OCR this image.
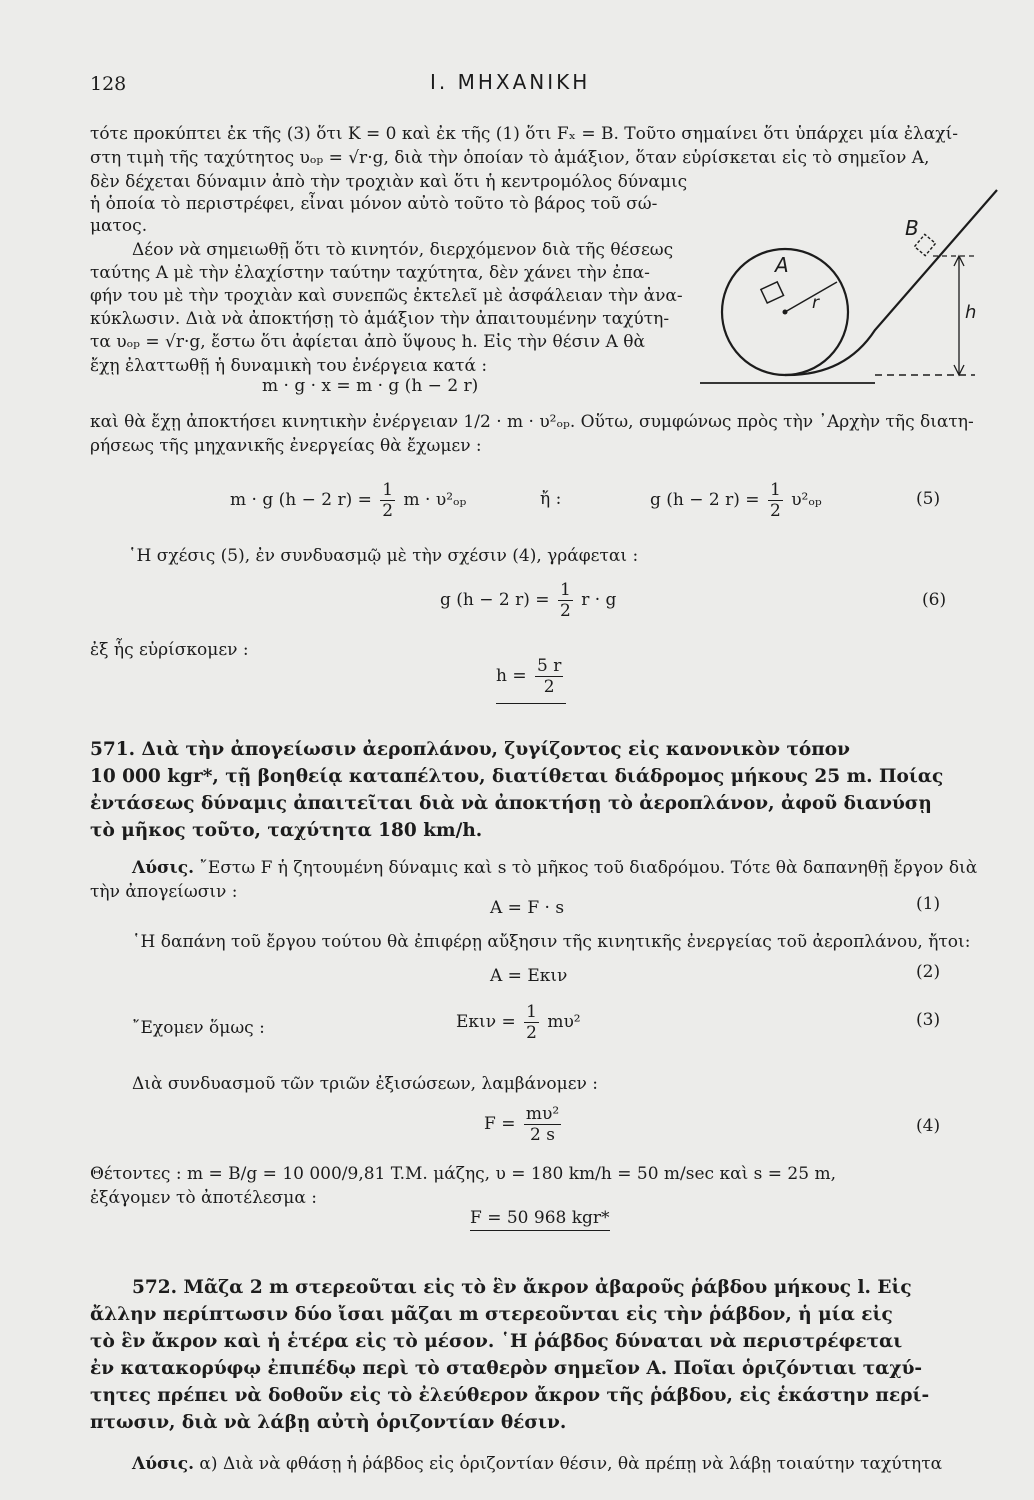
128	I. ΜΗΧΑΝΙΚΗ
τότε προκύπτει ἐκ τῆς (3) ὅτι K = 0 καὶ ἐκ τῆς (1) ὅτι Fₓ = B. Τοῦτο σημαίνει ὅτι ὑπάρχει μία ἐλαχί-
στη τιμὴ τῆς ταχύτητος υₒₚ = √r·g, διὰ τὴν ὁποίαν τὸ ἁμάξιον, ὅταν εὑρίσκεται εἰς τὸ σημεῖον A,
δὲν δέχεται δύναμιν ἀπὸ τὴν τροχιὰν καὶ ὅτι ἡ κεντρομόλος δύναμις
ἡ ὁποία τὸ περιστρέφει, εἶναι μόνον αὐτὸ τοῦτο τὸ βάρος τοῦ σώ-
ματος.
Δέον νὰ σημειωθῇ ὅτι τὸ κινητόν, διερχόμενον διὰ τῆς θέσεως
ταύτης A μὲ τὴν ἐλαχίστην ταύτην ταχύτητα, δὲν χάνει τὴν ἐπα-
φήν του μὲ τὴν τροχιὰν καὶ συνεπῶς ἐκτελεῖ μὲ ἀσφάλειαν τὴν ἀνα-
κύκλωσιν. Διὰ νὰ ἀποκτήσῃ τὸ ἁμάξιον τὴν ἀπαιτουμένην ταχύτη-
τα υₒₚ = √r·g, ἔστω ὅτι ἀφίεται ἀπὸ ὕψους h. Εἰς τὴν θέσιν A θὰ
ἔχῃ ἐλαττωθῇ ἡ δυναμικὴ του ἐνέργεια κατά :
A
B
r	h
m · g · x = m · g (h − 2 r)
καὶ θὰ ἔχῃ ἀποκτήσει κινητικὴν ἐνέργειαν 1/2 · m · υ²ₒₚ. Οὕτω, συμφώνως πρὸς τὴν ᾿Αρχὴν τῆς διατη-
ρήσεως τῆς μηχανικῆς ἐνεργείας θὰ ἔχωμεν :
m · g (h − 2 $r) = \frac{1}{2}$ m · υ²ₒₚ	ἤ :	g (h − 2 $r) = \frac{1}{2} \upsilon^2_{op}$	(5)
῾Η σχέσις (5), ἐν συνδυασμῷ μὲ τὴν σχέσιν (4), γράφεται :
g (h − 2 $r) = \frac{1}{2}$ r · g	(6)
ἐξ ἧς εὑρίσκομεν :
$h = \frac{5 r}{2}$
571. Διὰ τὴν ἀπογείωσιν ἀεροπλάνου, ζυγίζοντος εἰς κανονικὸν τόπον
10 000 kgr*, τῇ βοηθείᾳ καταπέλτου, διατίθεται διάδρομος μήκους 25 m. Ποίας
ἐντάσεως δύναμις ἀπαιτεῖται διὰ νὰ ἀποκτήσῃ τὸ ἀεροπλάνον, ἀφοῦ διανύσῃ
τὸ μῆκος τοῦτο, ταχύτητα 180 km/h.
Λύσις. ῎Εστω F ἡ ζητουμένη δύναμις καὶ s τὸ μῆκος τοῦ διαδρόμου. Τότε θὰ δαπανηθῇ ἔργον διὰ
τὴν ἀπογείωσιν :
A = F · s	(1)
῾Η δαπάνη τοῦ ἔργου τούτου θὰ ἐπιφέρῃ αὔξησιν τῆς κινητικῆς ἐνεργείας τοῦ ἀεροπλάνου, ἤτοι:
A = Eκιν	(2)
῎Εχομεν ὅμως :	$E\kappa\iota\nu = \frac{1}{2} m\upsilon^2$	(3)
Διὰ συνδυασμοῦ τῶν τριῶν ἐξισώσεων, λαμβάνομεν :
$F = \frac{\text{mυ²}}{2 s}$	(4)
Θέτοντες : m = B/g = 10 000/9,81 T.M. μάζης, υ = 180 km/h = 50 m/sec καὶ s = 25 m,
ἐξάγομεν τὸ ἀποτέλεσμα :
F = 50 968 kgr*
572. Μᾶζα 2 m στερεοῦται εἰς τὸ ἓν ἄκρον ἀβαροῦς ῥάβδου μήκους l. Εἰς
ἄλλην περίπτωσιν δύο ἴσαι μᾶζαι m στερεοῦνται εἰς τὴν ῥάβδον, ἡ μία εἰς
τὸ ἓν ἄκρον καὶ ἡ ἑτέρα εἰς τὸ μέσον. ῾Η ῥάβδος δύναται νὰ περιστρέφεται
ἐν κατακορύφῳ ἐπιπέδῳ περὶ τὸ σταθερὸν σημεῖον A. Ποῖαι ὁριζόντιαι ταχύ-
τητες πρέπει νὰ δοθοῦν εἰς τὸ ἐλεύθερον ἄκρον τῆς ῥάβδου, εἰς ἑκάστην περί-
πτωσιν, διὰ νὰ λάβῃ αὐτὴ ὁριζοντίαν θέσιν.
Λύσις. α) Διὰ νὰ φθάσῃ ἡ ῥάβδος εἰς ὁριζοντίαν θέσιν, θὰ πρέπῃ νὰ λάβῃ τοιαύτην ταχύτητα
